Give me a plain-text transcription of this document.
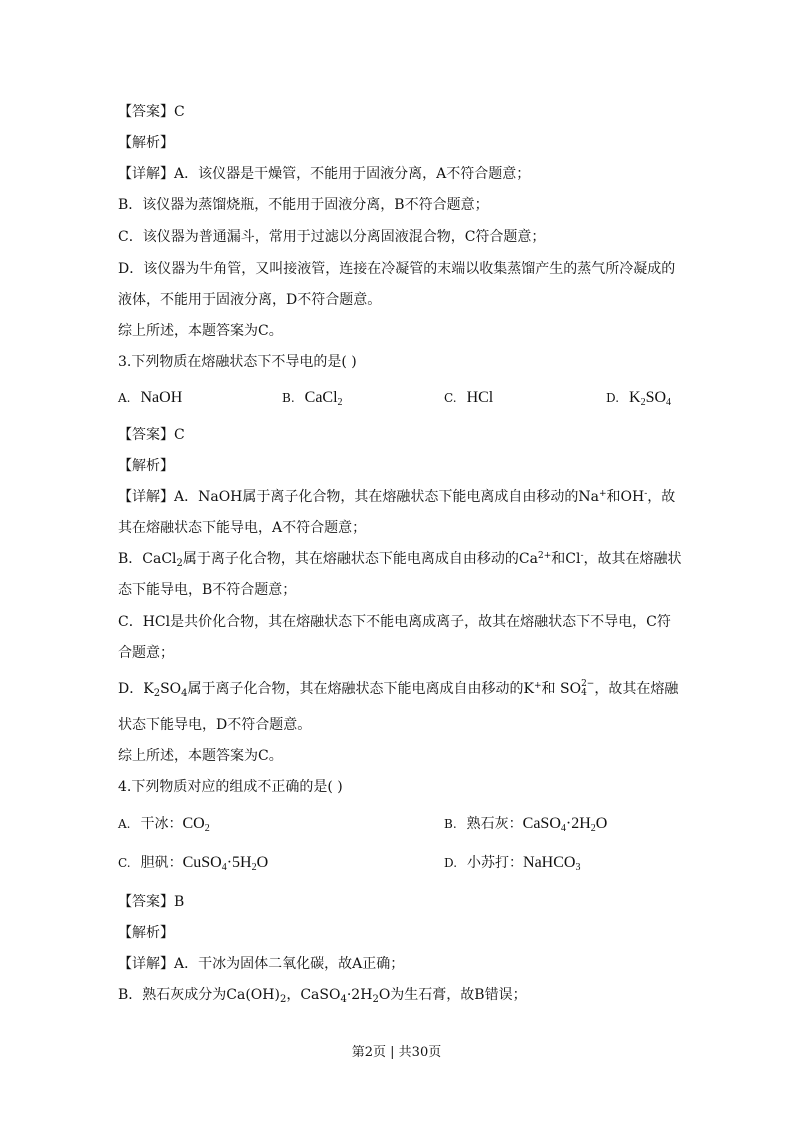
【答案】C
【解析】
【详解】A．该仪器是干燥管，不能用于固液分离，A不符合题意；
B．该仪器为蒸馏烧瓶，不能用于固液分离，B不符合题意；
C．该仪器为普通漏斗，常用于过滤以分离固液混合物，C符合题意；
D．该仪器为牛角管，又叫接液管，连接在冷凝管的末端以收集蒸馏产生的蒸气所冷凝成的
液体，不能用于固液分离，D不符合题意。
综上所述，本题答案为C。
3.下列物质在熔融状态下不导电的是( )
A. NaOH	B. CaCl$_2$	C. HCl	D. $K_2SO_4$
【答案】C
【解析】
【详解】A．NaOH属于离子化合物，其在熔融状态下能电离成自由移动的Na+和OH-，故
其在熔融状态下能导电，A不符合题意；
B．CaCl$_2$属于离子化合物，其在熔融状态下能电离成自由移动的$Ca^{2+}$和Cl-，故其在熔融状
态下能导电，B不符合题意；
C．HCl是共价化合物，其在熔融状态下不能电离成离子，故其在熔融状态下不导电，C符
合题意；
D．$K_2SO_4$属于离子化合物，其在熔融状态下能电离成自由移动的K+和 SO2−
4 ，故其在熔融
状态下能导电，D不符合题意。
综上所述，本题答案为C。
4.下列物质对应的组成不正确的是( )
A. 干冰：$CO_2$	B. 熟石灰：$CaSO_4\cdot 2H_2O$
C. 胆矾：$CuSO_4\cdot 5H_2O$	D. 小苏打：NaHCO$_3$
【答案】B
【解析】
【详解】A．干冰为固体二氧化碳，故A正确；
B．熟石灰成分为$Ca(OH)_2$，$CaSO_4\cdot 2H_2O$为生石膏，故B错误；
第2页 | 共30页
